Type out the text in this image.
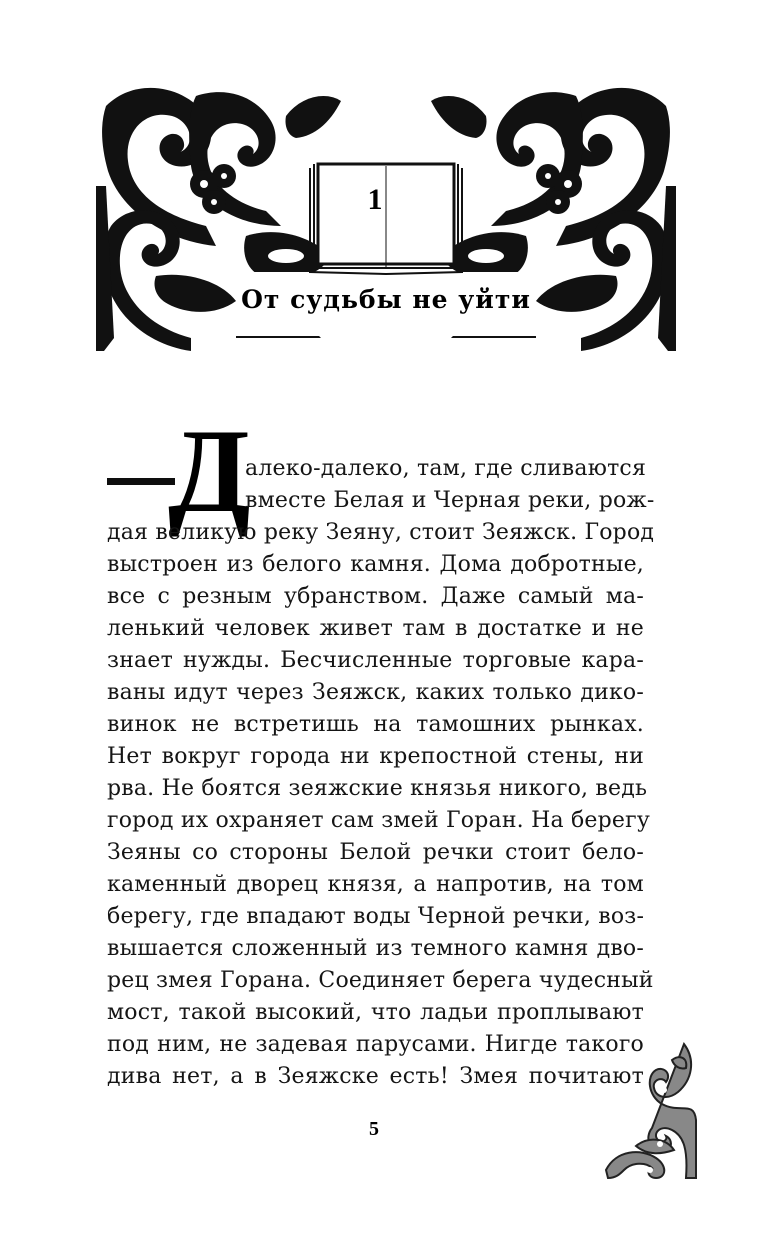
1
От судьбы не уйти
Д
алеко-далеко, там, где сливаются
вместе Белая и Черная реки, рож-
дая великую реку Зеяну, стоит Зеяжск. Город
выстроен из белого камня. Дома добротные,
все с резным убранством. Даже самый ма-
ленький человек живет там в достатке и не
знает нужды. Бесчисленные торговые кара-
ваны идут через Зеяжск, каких только дико-
винок не встретишь на тамошних рынках.
Нет вокруг города ни крепостной стены, ни
рва. Не боятся зеяжские князья никого, ведь
город их охраняет сам змей Горан. На берегу
Зеяны со стороны Белой речки стоит бело-
каменный дворец князя, а напротив, на том
берегу, где впадают воды Черной речки, воз-
вышается сложенный из темного камня дво-
рец змея Горана. Соединяет берега чудесный
мост, такой высокий, что ладьи проплывают
под ним, не задевая парусами. Нигде такого
дива нет, а в Зеяжске есть! Змея почитают
5
